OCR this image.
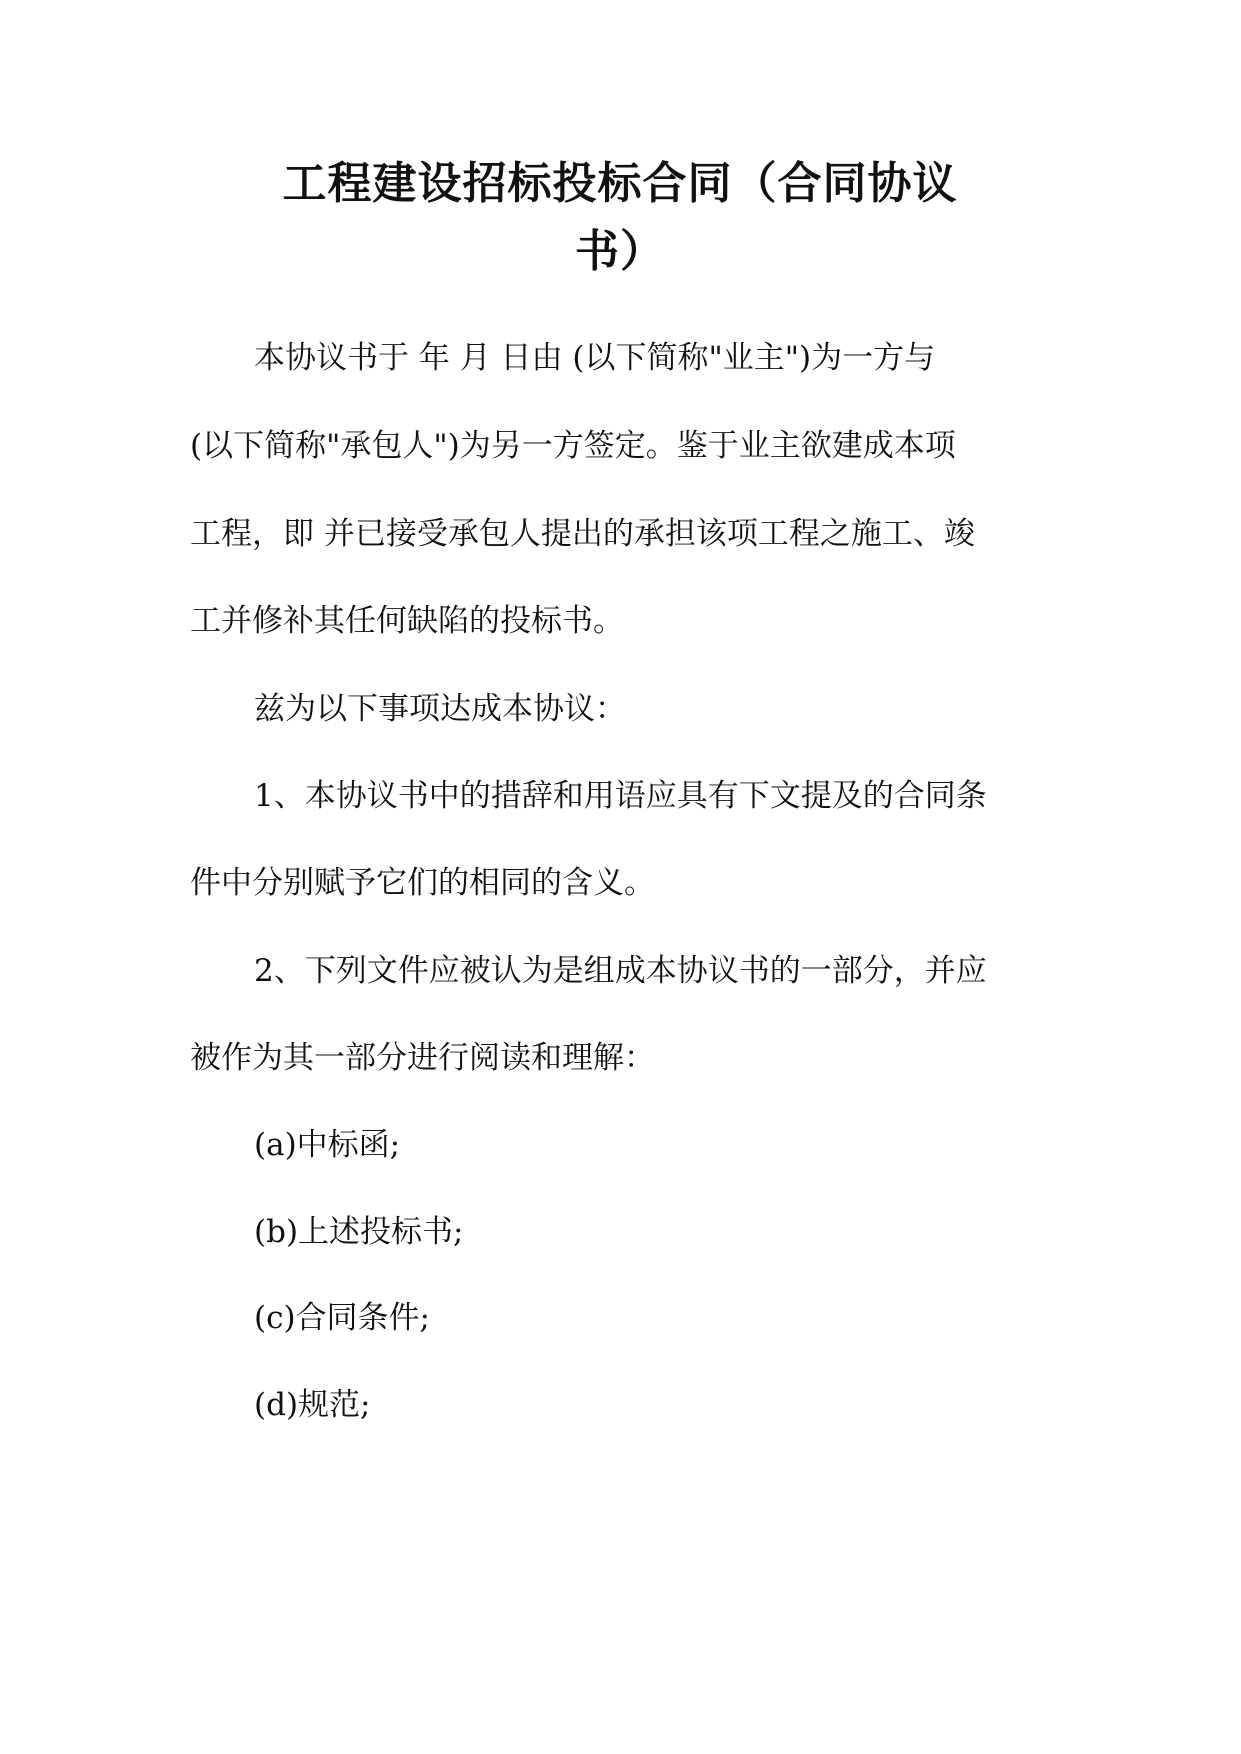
工程建设招标投标合同（合同协议
书）
本协议书于 年 月 日由 (以下简称"业主")为一方与
(以下简称"承包人")为另一方签定。鉴于业主欲建成本项
工程，即 并已接受承包人提出的承担该项工程之施工、竣
工并修补其任何缺陷的投标书。
兹为以下事项达成本协议：
1、本协议书中的措辞和用语应具有下文提及的合同条
件中分别赋予它们的相同的含义。
2、下列文件应被认为是组成本协议书的一部分，并应
被作为其一部分进行阅读和理解：
(a)中标函;
(b)上述投标书;
(c)合同条件;
(d)规范;
